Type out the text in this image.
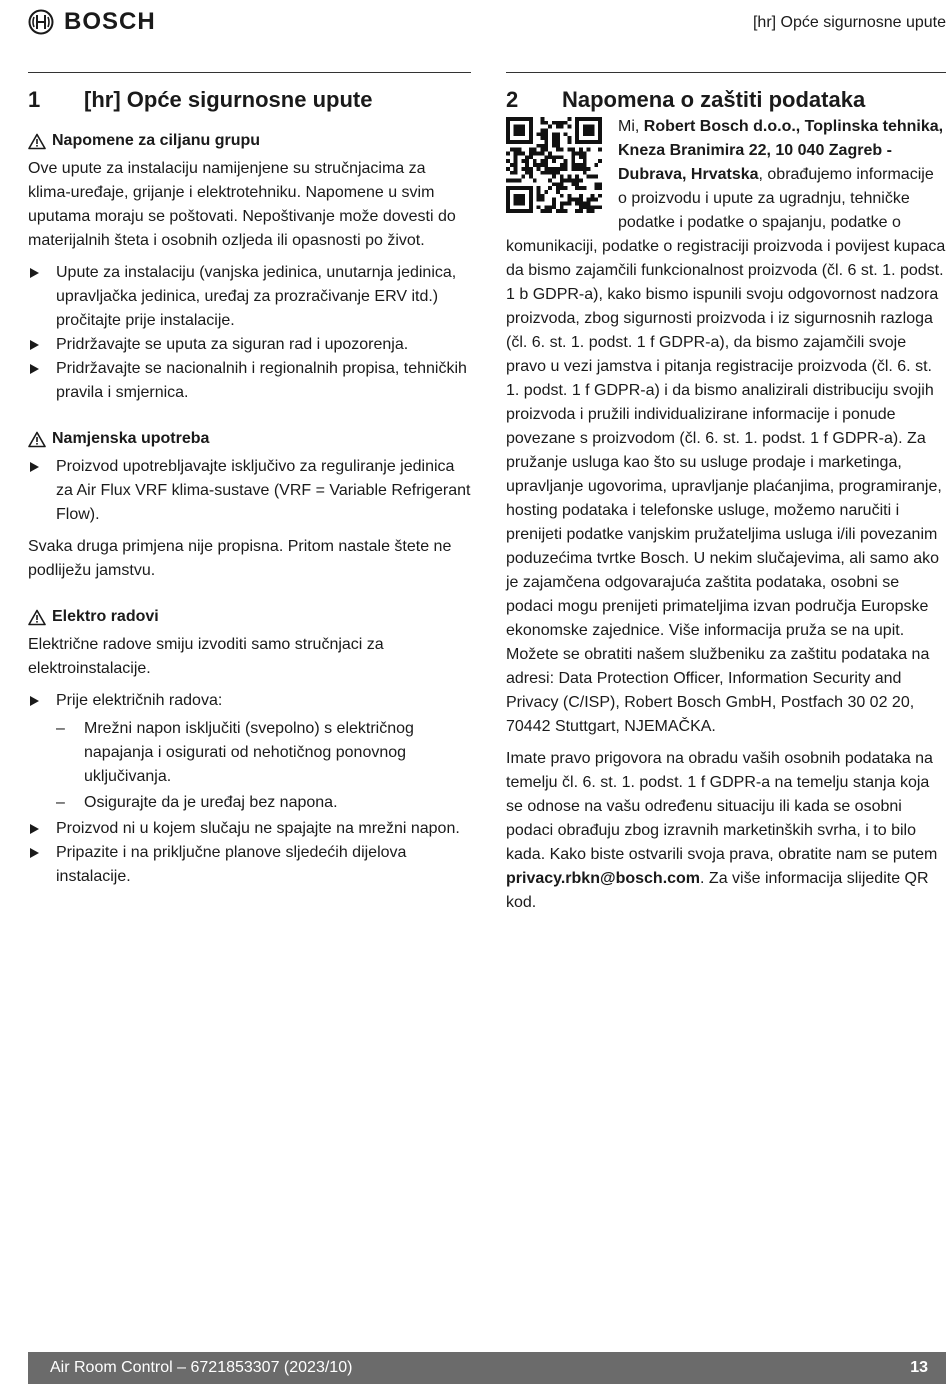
BOSCH	[hr] Opće sigurnosne upute
1	[hr] Opće sigurnosne upute
Napomene za ciljanu grupu

Ove upute za instalaciju namijenjene su stručnjacima za klima-uređaje, grijanje i elektrotehniku. Napomene u svim uputama moraju se poštovati. Nepoštivanje može dovesti do materijalnih šteta i osobnih ozljeda ili opasnosti po život.

Upute za instalaciju (vanjska jedinica, unutarnja jedinica, upravljačka jedinica, uređaj za prozračivanje ERV itd.) pročitajte prije instalacije.

Pridržavajte se uputa za siguran rad i upozorenja.

Pridržavajte se nacionalnih i regionalnih propisa, tehničkih pravila i smjernica.

Namjenska upotreba

Proizvod upotrebljavajte isključivo za reguliranje jedinica za Air Flux VRF klima-sustave (VRF = Variable Refrigerant Flow).

Svaka druga primjena nije propisna. Pritom nastale štete ne podliježu jamstvu.

Elektro radovi

Električne radove smiju izvoditi samo stručnjaci za elektroinstalacije.

Prije električnih radova:

– Mrežni napon isključiti (svepolno) s električnog napajanja i osigurati od nehotičnog ponovnog uključivanja.

– Osigurajte da je uređaj bez napona.

Proizvod ni u kojem slučaju ne spajajte na mrežni napon.

Pripazite i na priključne planove sljedećih dijelova instalacije.

2	Napomena o zaštiti podataka

Mi, Robert Bosch d.o.o., Toplinska tehnika, Kneza Branimira 22, 10 040 Zagreb - Dubrava, Hrvatska, obrađujemo informacije o proizvodu i upute za ugradnju, tehničke podatke i podatke o spajanju, podatke o komunikaciji, podatke o registraciji proizvoda i povijest kupaca da bismo zajamčili funkcionalnost proizvoda (čl. 6 st. 1. podst. 1 b GDPR-a), kako bismo ispunili svoju odgovornost nadzora proizvoda, zbog sigurnosti proizvoda i iz sigurnosnih razloga (čl. 6. st. 1. podst. 1 f GDPR-a), da bismo zajamčili svoje pravo u vezi jamstva i pitanja registracije proizvoda (čl. 6. st. 1. podst. 1 f GDPR-a) i da bismo analizirali distribuciju svojih proizvoda i pružili individualizirane informacije i ponude povezane s proizvodom (čl. 6. st. 1. podst. 1 f GDPR-a). Za pružanje usluga kao što su usluge prodaje i marketinga, upravljanje ugovorima, upravljanje plaćanjima, programiranje, hosting podataka i telefonske usluge, možemo naručiti i prenijeti podatke vanjskim pružateljima usluga i/ili povezanim poduzećima tvrtke Bosch. U nekim slučajevima, ali samo ako je zajamčena odgovarajuća zaštita podataka, osobni se podaci mogu prenijeti primateljima izvan područja Europske ekonomske zajednice. Više informacija pruža se na upit. Možete se obratiti našem službeniku za zaštitu podataka na adresi: Data Protection Officer, Information Security and Privacy (C/ISP), Robert Bosch GmbH, Postfach 30 02 20, 70442 Stuttgart, NJEMAČKA.

Imate pravo prigovora na obradu vaših osobnih podataka na temelju čl. 6. st. 1. podst. 1 f GDPR-a na temelju stanja koja se odnose na vašu određenu situaciju ili kada se osobni podaci obrađuju zbog izravnih marketinških svrha, i to bilo kada. Kako biste ostvarili svoja prava, obratite nam se putem privacy.rbkn@bosch.com. Za više informacija slijedite QR kod.

Air Room Control – 6721853307 (2023/10)	13
